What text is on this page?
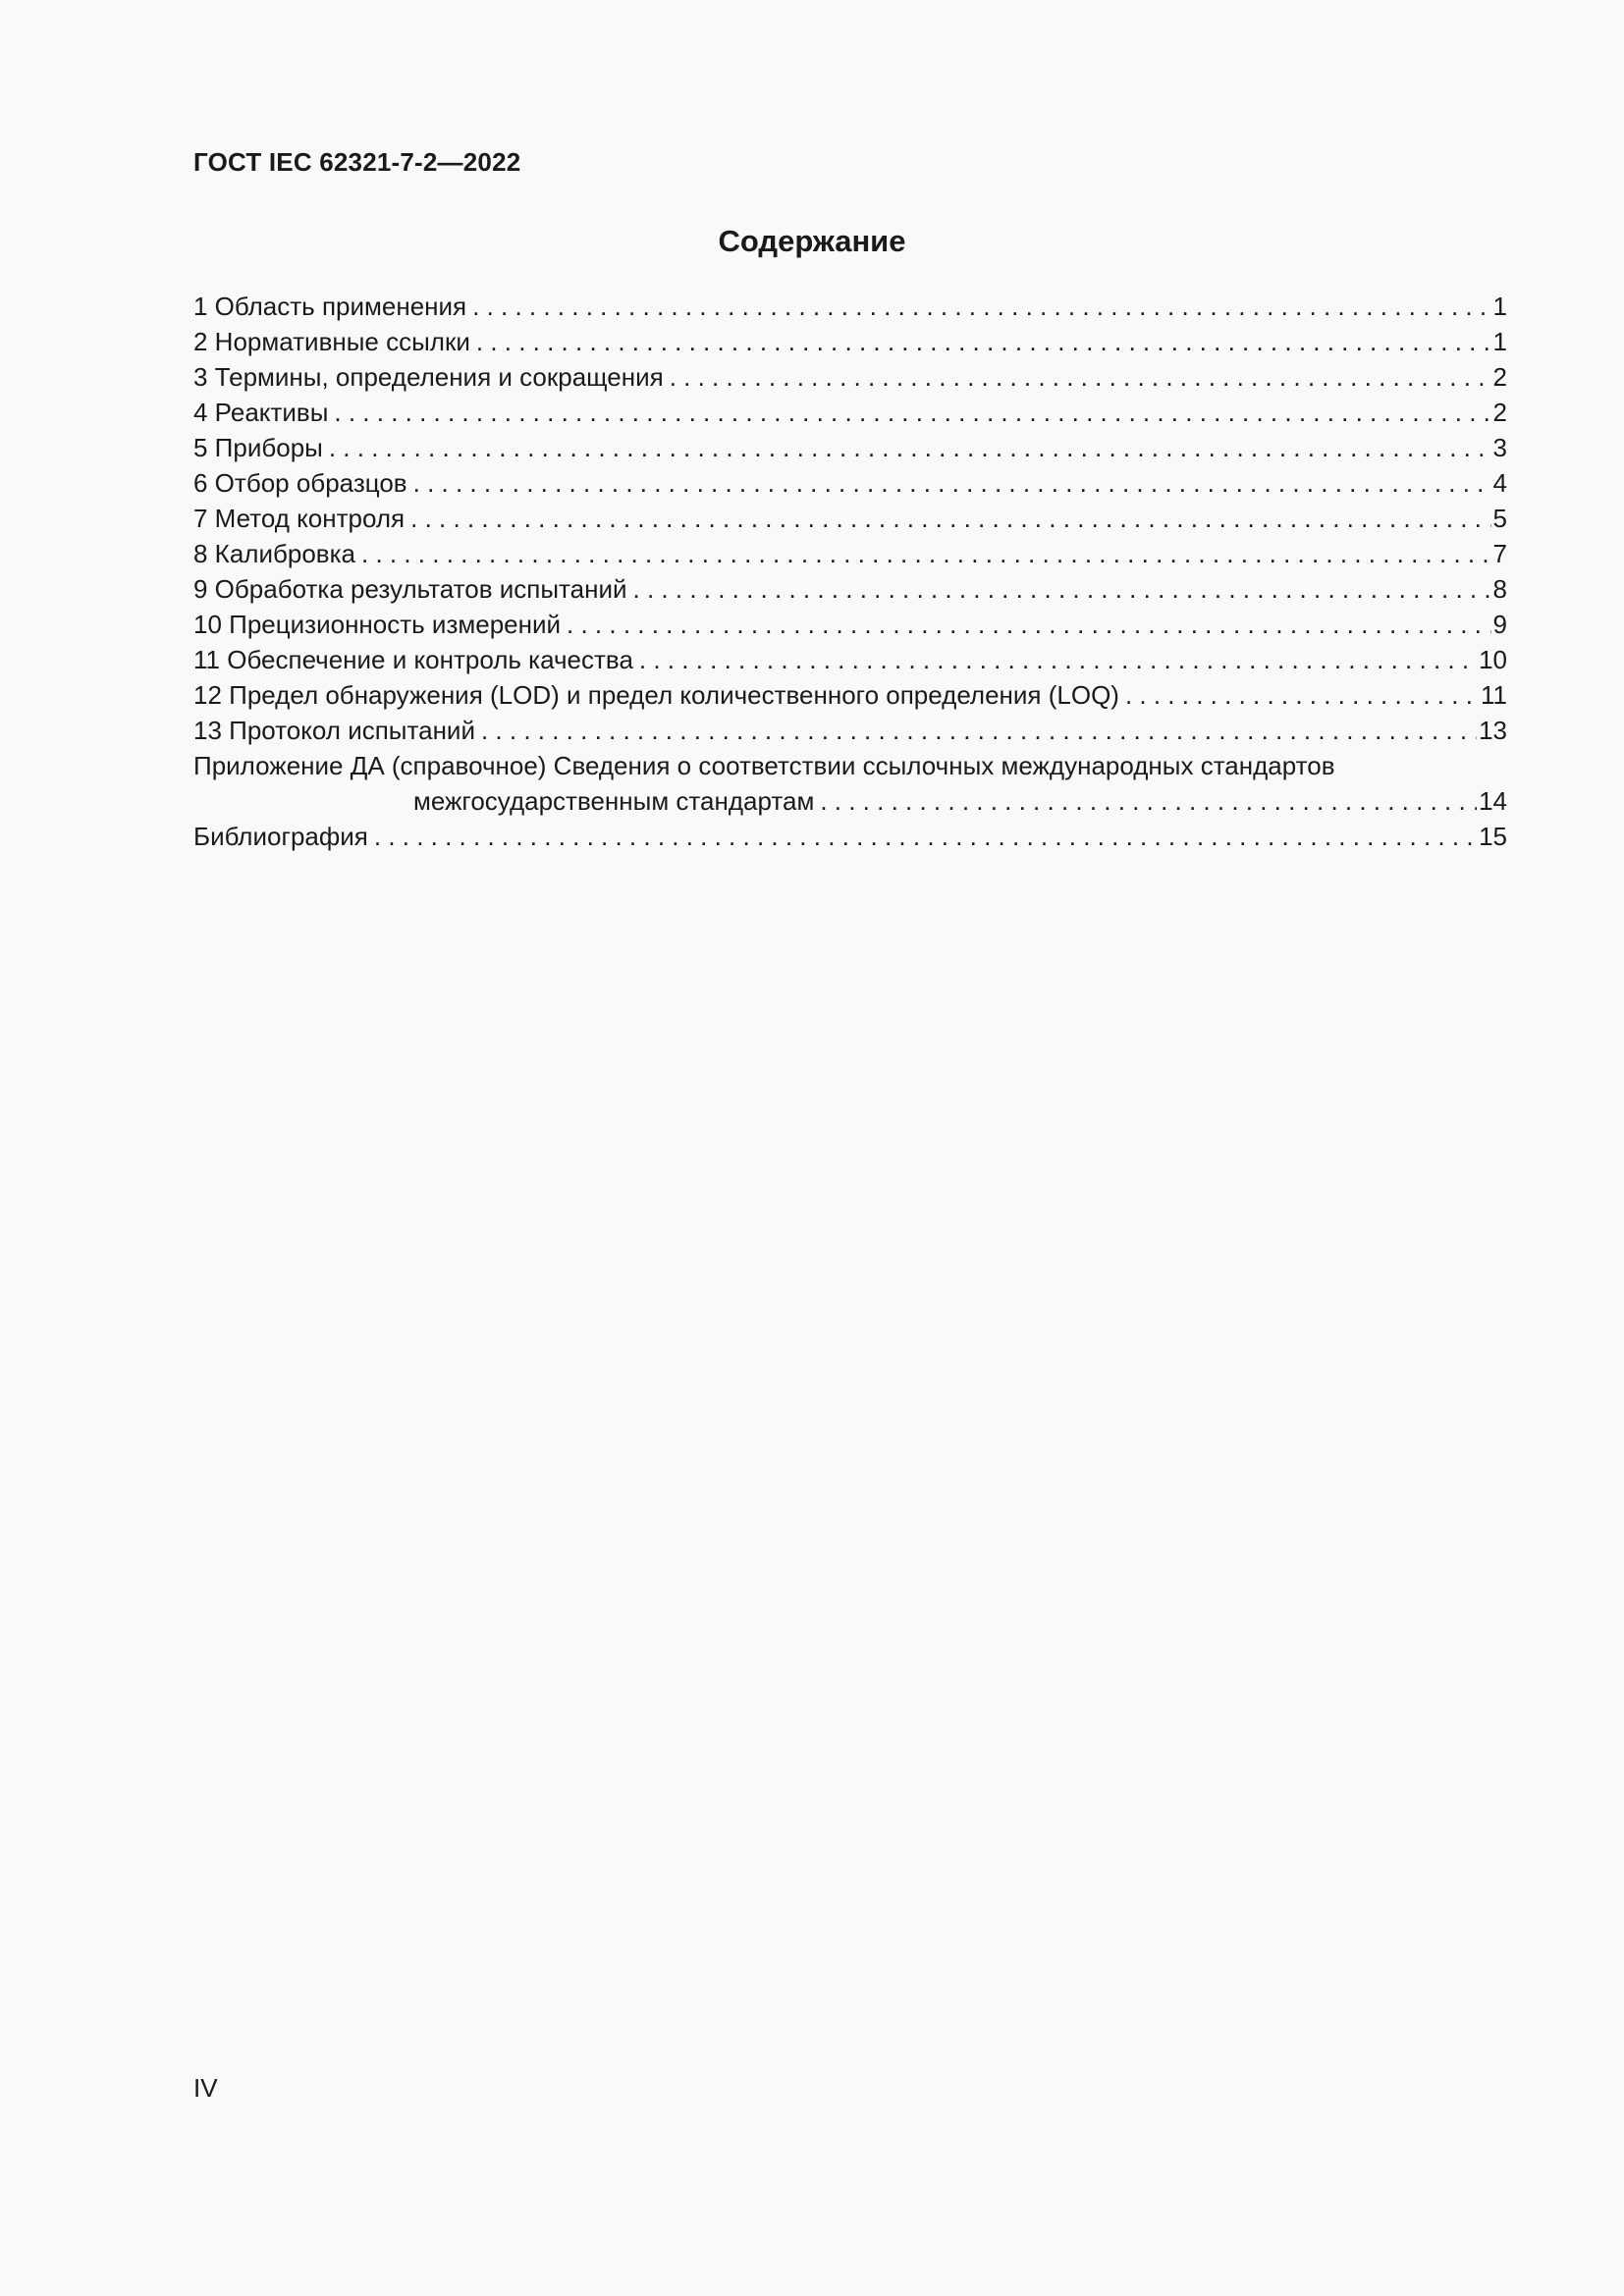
ГОСТ IEC 62321-7-2—2022
Содержание
1 Область применения . . .	1
2 Нормативные ссылки . . .	1
3 Термины, определения и сокращения . . .	2
4 Реактивы . . .	2
5 Приборы . . .	3
6 Отбор образцов . . .	4
7 Метод контроля . . .	5
8 Калибровка . . .	7
9 Обработка результатов испытаний . . .	8
10 Прецизионность измерений . . .	9
11 Обеспечение и контроль качества . . .	10
12 Предел обнаружения (LOD) и предел количественного определения (LOQ) . . .	11
13 Протокол испытаний . . .	13
Приложение ДА (справочное) Сведения о соответствии ссылочных международных стандартов
межгосударственным стандартам . . .	14
Библиография . . .	15
IV
